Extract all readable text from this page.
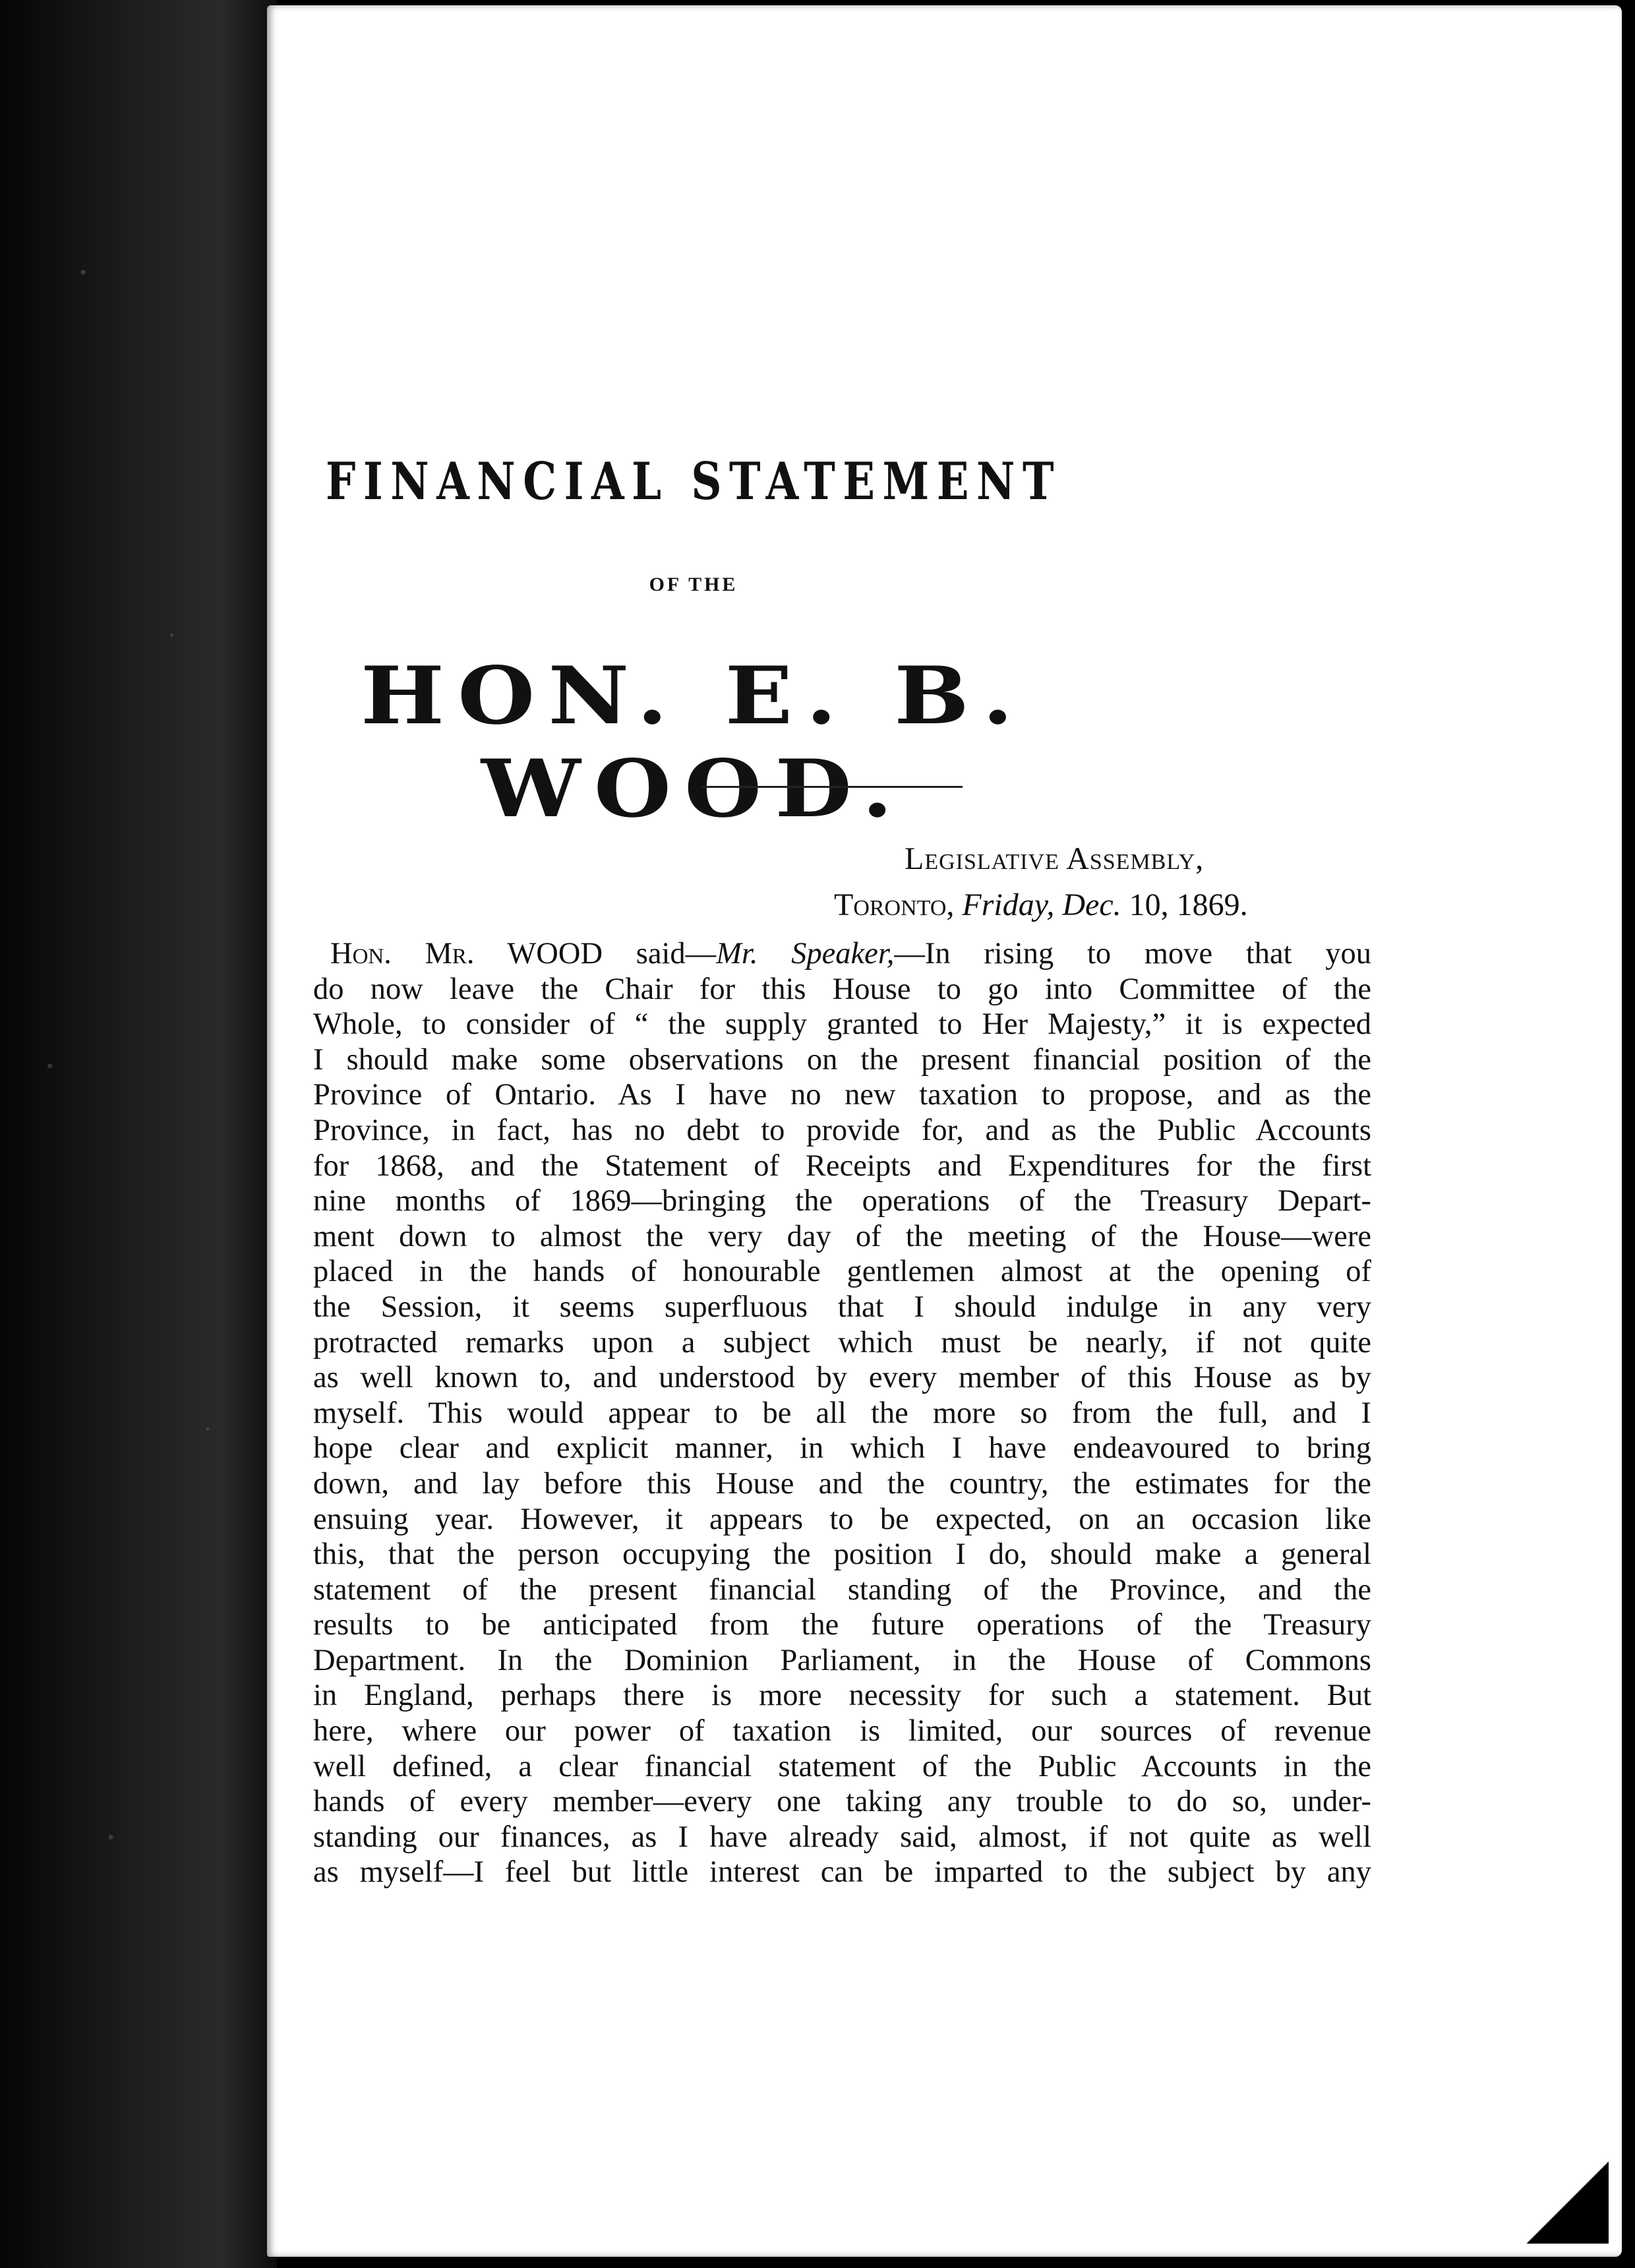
FINANCIAL STATEMENT
OF THE
HON. E. B. WOOD.
Legislative Assembly,
Toronto, Friday, Dec. 10, 1869.
Hon. Mr. WOOD said—Mr. Speaker,—In rising to move that you
do now leave the Chair for this House to go into Committee of the
Whole, to consider of “ the supply granted to Her Majesty,” it is expected
I should make some observations on the present financial position of the
Province of Ontario. As I have no new taxation to propose, and as the
Province, in fact, has no debt to provide for, and as the Public Accounts
for 1868, and the Statement of Receipts and Expenditures for the first
nine months of 1869—bringing the operations of the Treasury Depart-
ment down to almost the very day of the meeting of the House—were
placed in the hands of honourable gentlemen almost at the opening of
the Session, it seems superfluous that I should indulge in any very
protracted remarks upon a subject which must be nearly, if not quite
as well known to, and understood by every member of this House as by
myself. This would appear to be all the more so from the full, and I
hope clear and explicit manner, in which I have endeavoured to bring
down, and lay before this House and the country, the estimates for the
ensuing year. However, it appears to be expected, on an occasion like
this, that the person occupying the position I do, should make a general
statement of the present financial standing of the Province, and the
results to be anticipated from the future operations of the Treasury
Department. In the Dominion Parliament, in the House of Commons
in England, perhaps there is more necessity for such a statement. But
here, where our power of taxation is limited, our sources of revenue
well defined, a clear financial statement of the Public Accounts in the
hands of every member—every one taking any trouble to do so, under-
standing our finances, as I have already said, almost, if not quite as well
as myself—I feel but little interest can be imparted to the subject by any
